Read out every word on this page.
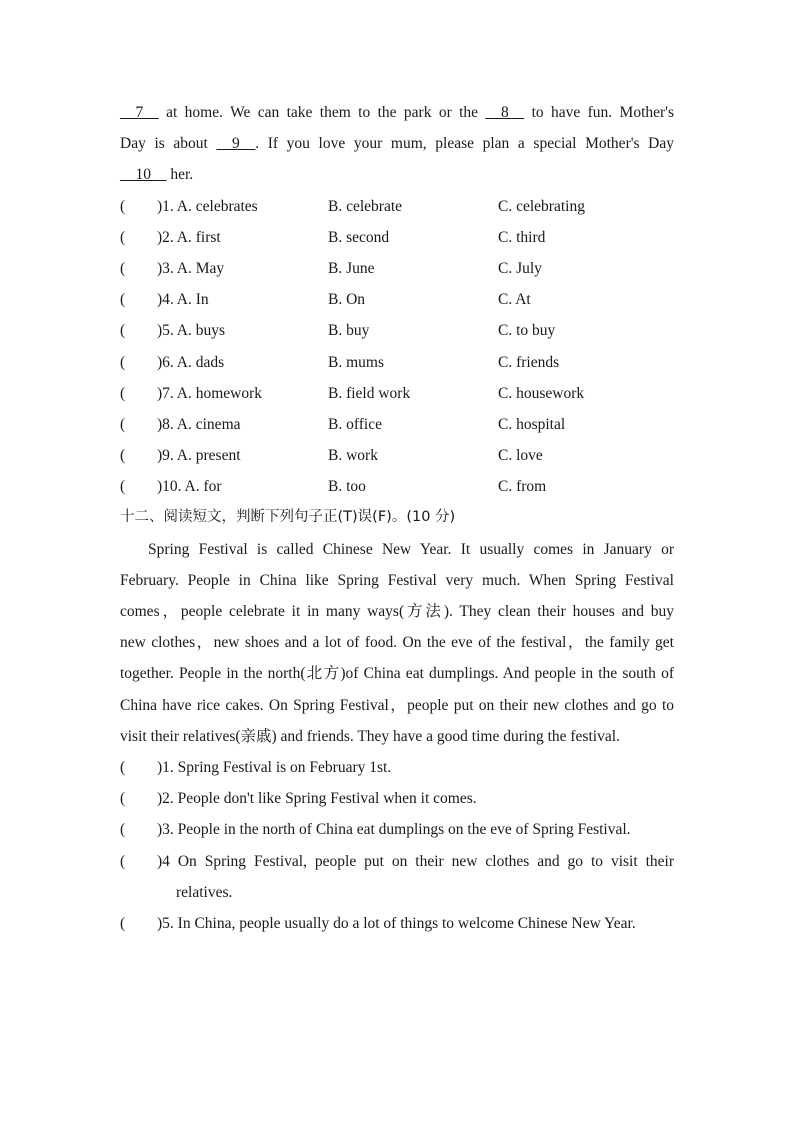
__7__ at home. We can take them to the park or the __8__ to have fun. Mother's
Day is about __9__. If you love your mum, please plan a special Mother's Day
__10__ her.
(	)1. A. celebrates	B. celebrate	C. celebrating
(	)2. A. first	B. second	C. third
(	)3. A. May	B. June	C. July
(	)4. A. In	B. On	C. At
(	)5. A. buys	B. buy	C. to buy
(	)6. A. dads	B. mums	C. friends
(	)7. A. homework	B. field work	C. housework
(	)8. A. cinema	B. office	C. hospital
(	)9. A. present	B. work	C. love
(	)10. A. for	B. too	C. from
十二、阅读短文，判断下列句子正(T)误(F)。(10 分)
Spring Festival is called Chinese New Year. It usually comes in January or
February. People in China like Spring Festival very much. When Spring Festival
comes，people celebrate it in many ways(方法). They clean their houses and buy
new clothes，new shoes and a lot of food. On the eve of the festival，the family get
together. People in the north(北方)of China eat dumplings. And people in the south of
China have rice cakes. On Spring Festival，people put on their new clothes and go to
visit their relatives(亲戚) and friends. They have a good time during the festival.
(	)1. Spring Festival is on February 1st.
(	)2. People don't like Spring Festival when it comes.
(	)3. People in the north of China eat dumplings on the eve of Spring Festival.
(	)4 On Spring Festival, people put on their new clothes and go to visit their
relatives.
(	)5. In China, people usually do a lot of things to welcome Chinese New Year.
